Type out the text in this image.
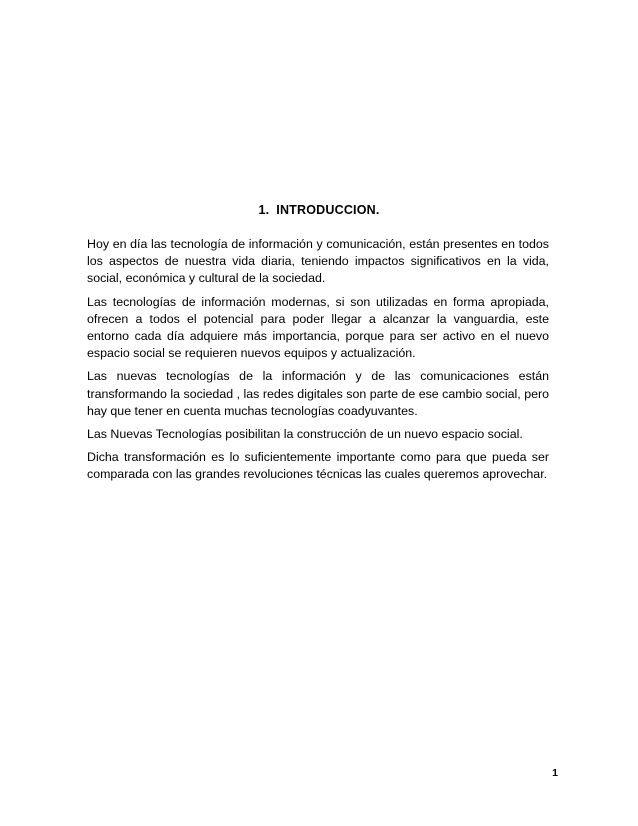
1. INTRODUCCION.

Hoy en día las tecnología de información y comunicación, están presentes en todos los aspectos de nuestra vida diaria, teniendo impactos significativos en la vida, social, económica y cultural de la sociedad.

Las tecnologías de información modernas, si son utilizadas en forma apropiada, ofrecen a todos el potencial para poder llegar a alcanzar la vanguardia, este entorno cada día adquiere más importancia, porque para ser activo en el nuevo espacio social se requieren nuevos equipos y actualización.

Las nuevas tecnologías de la información y de las comunicaciones están transformando la sociedad , las redes digitales son parte de ese cambio social, pero hay que tener en cuenta muchas tecnologías coadyuvantes.

Las Nuevas Tecnologías posibilitan la construcción de un nuevo espacio social.

Dicha transformación es lo suficientemente importante como para que pueda ser comparada con las grandes revoluciones técnicas las cuales queremos aprovechar.

1
